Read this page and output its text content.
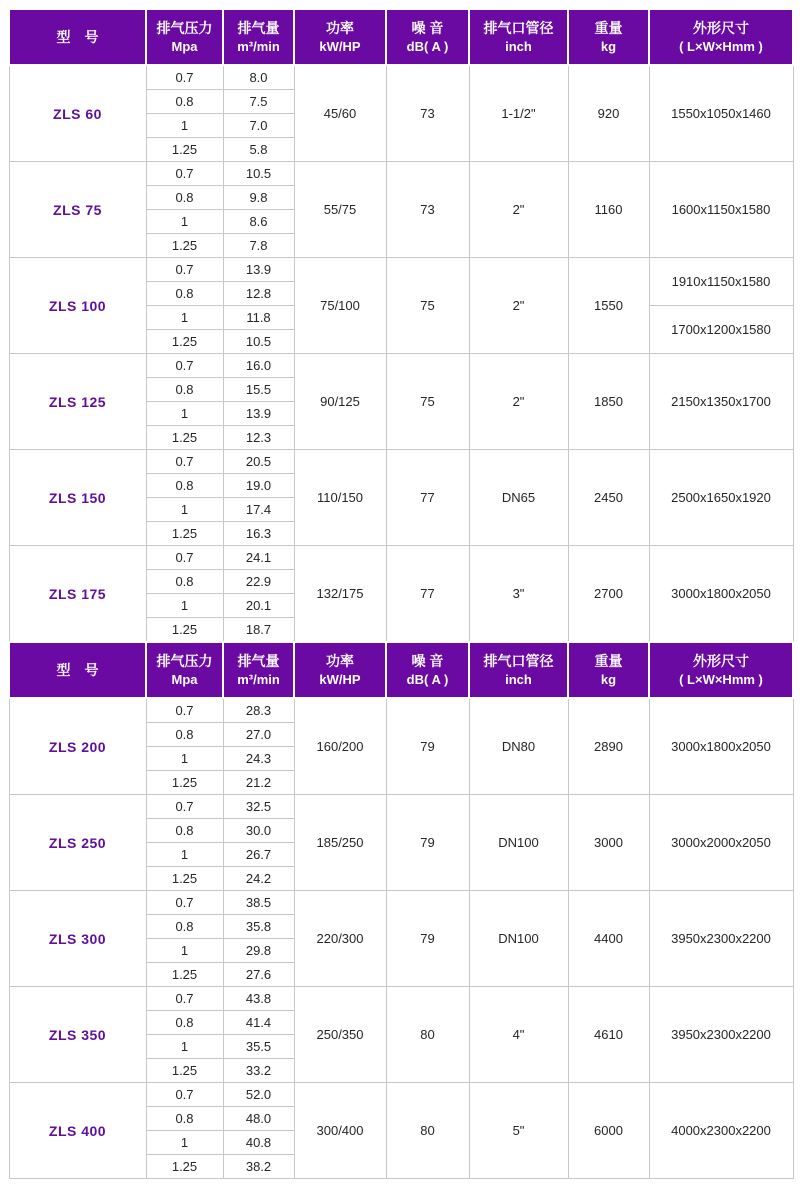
型　号

排气压力
Mpa

排气量
m³/min

功率
kW/HP

噪 音
dB( A )

排气口管径
inch

重量
kg

外形尺寸
( L×W×Hmm )

ZLS 60	0.7	8.0	45/60	73	1-1/2"	920	1550x1050x1460
	0.8	7.5					
	1	7.0					
	1.25	5.8					
ZLS 75	0.7	10.5	55/75	73	2"	1160	1600x1150x1580
	0.8	9.8					
	1	8.6					
	1.25	7.8					
ZLS 100	0.7	13.9	75/100	75	2"	1550	1910x1150x1580
	0.8	12.8					
	1	11.8					1700x1200x1580
	1.25	10.5					
ZLS 125	0.7	16.0	90/125	75	2"	1850	2150x1350x1700
	0.8	15.5					
	1	13.9					
	1.25	12.3					
ZLS 150	0.7	20.5	110/150	77	DN65	2450	2500x1650x1920
	0.8	19.0					
	1	17.4					
	1.25	16.3					
ZLS 175	0.7	24.1	132/175	77	3"	2700	3000x1800x2050
	0.8	22.9					
	1	20.1					
	1.25	18.7					

型　号

排气压力
Mpa

排气量
m³/min

功率
kW/HP

噪 音
dB( A )

排气口管径
inch

重量
kg

外形尺寸
( L×W×Hmm )

ZLS 200	0.7	28.3	160/200	79	DN80	2890	3000x1800x2050
	0.8	27.0					
	1	24.3					
	1.25	21.2					
ZLS 250	0.7	32.5	185/250	79	DN100	3000	3000x2000x2050
	0.8	30.0					
	1	26.7					
	1.25	24.2					
ZLS 300	0.7	38.5	220/300	79	DN100	4400	3950x2300x2200
	0.8	35.8					
	1	29.8					
	1.25	27.6					
ZLS 350	0.7	43.8	250/350	80	4"	4610	3950x2300x2200
	0.8	41.4					
	1	35.5					
	1.25	33.2					
ZLS 400	0.7	52.0	300/400	80	5"	6000	4000x2300x2200
	0.8	48.0					
	1	40.8					
	1.25	38.2					
